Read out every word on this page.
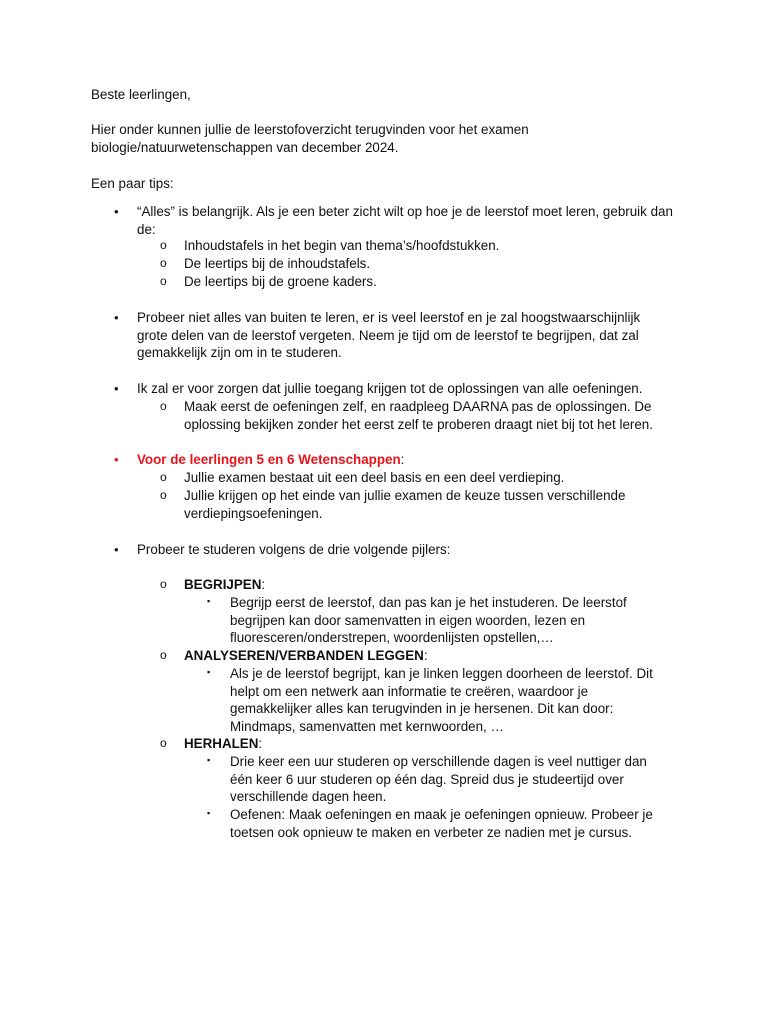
Beste leerlingen,

Hier onder kunnen jullie de leerstofoverzicht terugvinden voor het examen

biologie/natuurwetenschappen van december 2024.

Een paar tips:

•	“Alles” is belangrijk. Als je een beter zicht wilt op hoe je de leerstof moet leren, gebruik dan de:
o Inhoudstafels in het begin van thema’s/hoofdstukken.
o De leertips bij de inhoudstafels.
o De leertips bij de groene kaders.
•	Probeer niet alles van buiten te leren, er is veel leerstof en je zal hoogstwaarschijnlijk grote delen van de leerstof vergeten. Neem je tijd om de leerstof te begrijpen, dat zal gemakkelijk zijn om in te studeren.
•	Ik zal er voor zorgen dat jullie toegang krijgen tot de oplossingen van alle oefeningen.
o Maak eerst de oefeningen zelf, en raadpleeg DAARNA pas de oplossingen. De oplossing bekijken zonder het eerst zelf te proberen draagt niet bij tot het leren.
•	Voor de leerlingen 5 en 6 Wetenschappen:
o Jullie examen bestaat uit een deel basis en een deel verdieping.
o Jullie krijgen op het einde van jullie examen de keuze tussen verschillende verdiepingsoefeningen.
•	Probeer te studeren volgens de drie volgende pijlers:
o BEGRIJPEN:
▪ Begrijp eerst de leerstof, dan pas kan je het instuderen. De leerstof begrijpen kan door samenvatten in eigen woorden, lezen en fluoresceren/onderstrepen, woordenlijsten opstellen,…
o ANALYSEREN/VERBANDEN LEGGEN:
▪ Als je de leerstof begrijpt, kan je linken leggen doorheen de leerstof. Dit helpt om een netwerk aan informatie te creëren, waardoor je gemakkelijker alles kan terugvinden in je hersenen. Dit kan door: Mindmaps, samenvatten met kernwoorden, …
o HERHALEN:
▪ Drie keer een uur studeren op verschillende dagen is veel nuttiger dan één keer 6 uur studeren op één dag. Spreid dus je studeertijd over verschillende dagen heen.
▪ Oefenen: Maak oefeningen en maak je oefeningen opnieuw. Probeer je toetsen ook opnieuw te maken en verbeter ze nadien met je cursus.
